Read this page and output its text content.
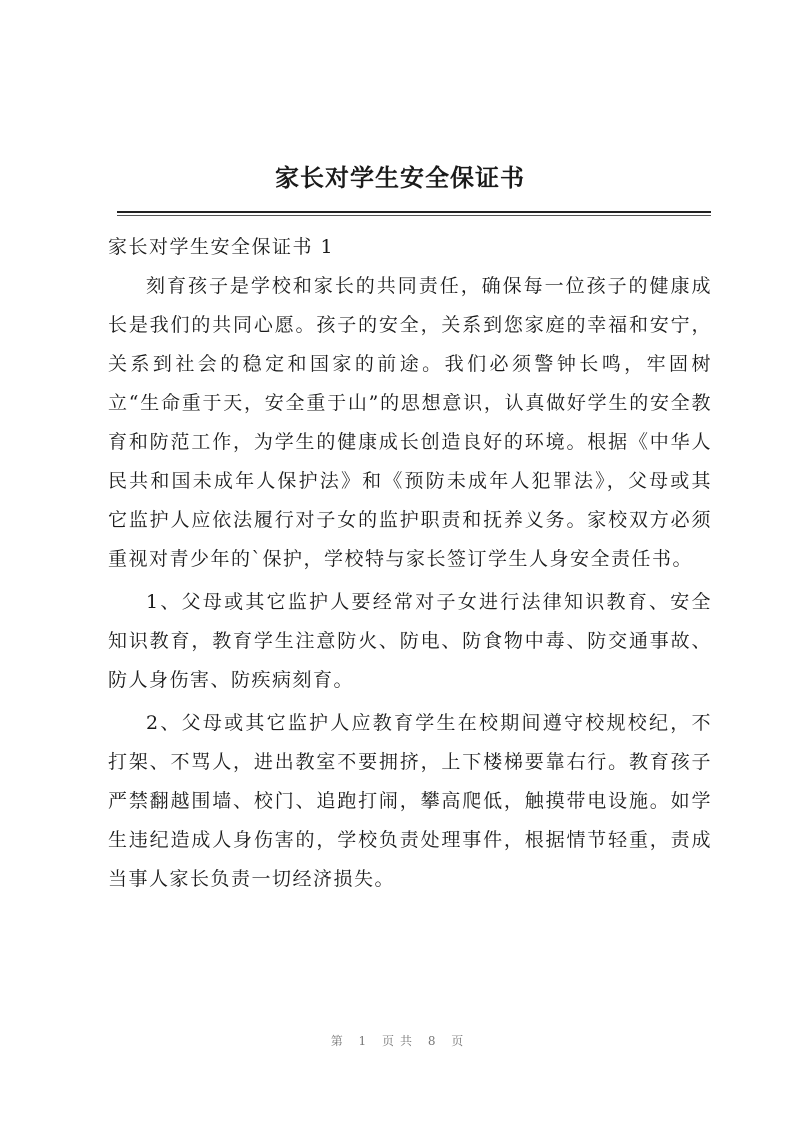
家长对学生安全保证书

家长对学生安全保证书 1

刻育孩子是学校和家长的共同责任，确保每一位孩子的健康成长是我们的共同心愿。孩子的安全，关系到您家庭的幸福和安宁，关系到社会的稳定和国家的前途。我们必须警钟长鸣，牢固树立“生命重于天，安全重于山”的思想意识，认真做好学生的安全教育和防范工作，为学生的健康成长创造良好的环境。根据《中华人民共和国未成年人保护法》和《预防未成年人犯罪法》，父母或其它监护人应依法履行对子女的监护职责和抚养义务。家校双方必须重视对青少年的`保护，学校特与家长签订学生人身安全责任书。

1、父母或其它监护人要经常对子女进行法律知识教育、安全知识教育，教育学生注意防火、防电、防食物中毒、防交通事故、防人身伤害、防疾病刻育。

2、父母或其它监护人应教育学生在校期间遵守校规校纪，不打架、不骂人，进出教室不要拥挤，上下楼梯要靠右行。教育孩子严禁翻越围墙、校门、追跑打闹，攀高爬低，触摸带电设施。如学生违纪造成人身伤害的，学校负责处理事件，根据情节轻重，责成当事人家长负责一切经济损失。

第 1 页共 8 页
